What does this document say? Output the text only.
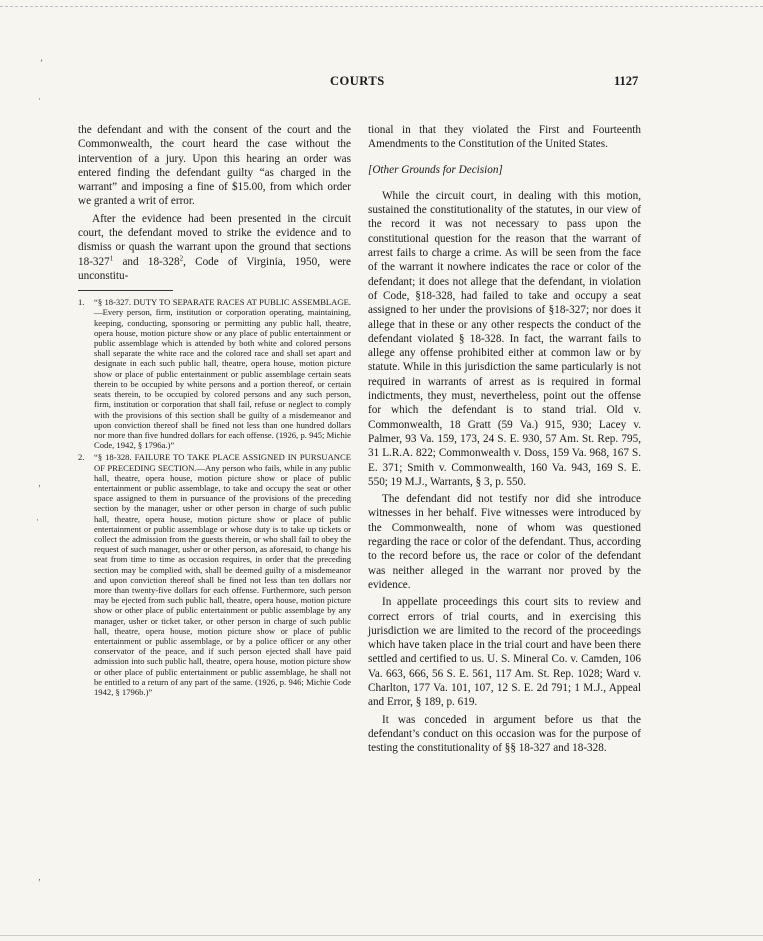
COURTS	1127
’
·
‚
·
‚

the defendant and with the consent of the court and the Commonwealth, the court heard the case without the intervention of a jury. Upon this hearing an order was entered finding the defendant guilty “as charged in the warrant” and imposing a fine of $15.00, from which order we granted a writ of error.

After the evidence had been presented in the circuit court, the defendant moved to strike the evidence and to dismiss or quash the warrant upon the ground that sections $18-327^1$ and $18-328^2$, Code of Virginia, 1950, were unconstitu-

1.	“§ 18-327. DUTY TO SEPARATE RACES AT PUBLIC ASSEMBLAGE.—Every person, firm, institution or corporation operating, maintaining, keeping, conducting, sponsoring or permitting any public hall, theatre, opera house, motion picture show or any place of public entertainment or public assemblage which is attended by both white and colored persons shall separate the white race and the colored race and shall set apart and designate in each such public hall, theatre, opera house, motion picture show or place of public entertainment or public assemblage certain seats therein to be occupied by white persons and a portion thereof, or certain seats therein, to be occupied by colored persons and any such person, firm, institution or corporation that shall fail, refuse or neglect to comply with the provisions of this section shall be guilty of a misdemeanor and upon conviction thereof shall be fined not less than one hundred dollars nor more than five hundred dollars for each offense. (1926, p. 945; Michie Code, 1942, § 1796a.)”
2.	“§ 18-328. FAILURE TO TAKE PLACE ASSIGNED IN PURSUANCE OF PRECEDING SECTION.—Any person who fails, while in any public hall, theatre, opera house, motion picture show or place of public entertainment or public assemblage, to take and occupy the seat or other space assigned to them in pursuance of the provisions of the preceding section by the manager, usher or other person in charge of such public hall, theatre, opera house, motion picture show or place of public entertainment or public assemblage or whose duty is to take up tickets or collect the admission from the guests therein, or who shall fail to obey the request of such manager, usher or other person, as aforesaid, to change his seat from time to time as occasion requires, in order that the preceding section may be complied with, shall be deemed guilty of a misdemeanor and upon conviction thereof shall be fined not less than ten dollars nor more than twenty-five dollars for each offense. Furthermore, such person may be ejected from such public hall, theatre, opera house, motion picture show or other place of public entertainment or public assemblage by any manager, usher or ticket taker, or other person in charge of such public hall, theatre, opera house, motion picture show or place of public entertainment or public assemblage, or by a police officer or any other conservator of the peace, and if such person ejected shall have paid admission into such public hall, theatre, opera house, motion picture show or other place of public entertainment or public assemblage, he shall not be entitled to a return of any part of the same. (1926, p. 946; Michie Code 1942, § 1796b.)”

tional in that they violated the First and Fourteenth Amendments to the Constitution of the United States.

[Other Grounds for Decision]

While the circuit court, in dealing with this motion, sustained the constitutionality of the statutes, in our view of the record it was not necessary to pass upon the constitutional question for the reason that the warrant of arrest fails to charge a crime. As will be seen from the face of the warrant it nowhere indicates the race or color of the defendant; it does not allege that the defendant, in violation of Code, §18-328, had failed to take and occupy a seat assigned to her under the provisions of §18-327; nor does it allege that in these or any other respects the conduct of the defendant violated § 18-328. In fact, the warrant fails to allege any offense prohibited either at common law or by statute. While in this jurisdiction the same particularly is not required in warrants of arrest as is required in formal indictments, they must, nevertheless, point out the offense for which the defendant is to stand trial. Old v. Commonwealth, 18 Gratt (59 Va.) 915, 930; Lacey v. Palmer, 93 Va. 159, 173, 24 S. E. 930, 57 Am. St. Rep. 795, 31 L.R.A. 822; Commonwealth v. Doss, 159 Va. 968, 167 S. E. 371; Smith v. Commonwealth, 160 Va. 943, 169 S. E. 550; 19 M.J., Warrants, § 3, p. 550.

The defendant did not testify nor did she introduce witnesses in her behalf. Five witnesses were introduced by the Commonwealth, none of whom was questioned regarding the race or color of the defendant. Thus, according to the record before us, the race or color of the defendant was neither alleged in the warrant nor proved by the evidence.

In appellate proceedings this court sits to review and correct errors of trial courts, and in exercising this jurisdiction we are limited to the record of the proceedings which have taken place in the trial court and have been there settled and certified to us. U. S. Mineral Co. v. Camden, 106 Va. 663, 666, 56 S. E. 561, 117 Am. St. Rep. 1028; Ward v. Charlton, 177 Va. 101, 107, 12 S. E. 2d 791; 1 M.J., Appeal and Error, § 189, p. 619.

It was conceded in argument before us that the defendant’s conduct on this occasion was for the purpose of testing the constitutionality of §§ 18-327 and 18-328.
